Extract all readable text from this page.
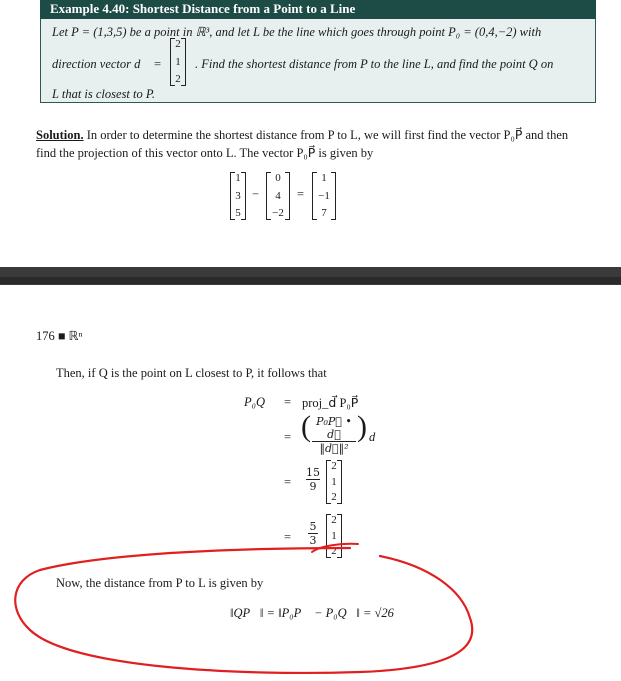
Example 4.40: Shortest Distance from a Point to a Line
Let P = (1,3,5) be a point in ℝ³, and let L be the line which goes through point P₀ = (0,4,−2) with
direction vector d⃗ =
2
1
2
. Find the shortest distance from P to the line L, and find the point Q on
L that is closest to P.
Solution. In order to determine the shortest distance from P to L, we will first find the vector P₀P⃗ and then
find the projection of this vector onto L. The vector P₀P⃗ is given by
1
3
5
−
0
4
−2
=
1
−1
7
176 ■ ℝⁿ
Then, if Q is the point on L closest to P, it follows that
P₀Q⃗ = proj_d⃗ P₀P⃗
= ( $\frac{\text{P₀P⃗ • d⃗}}{\text{‖d⃗‖²}}$ ) d⃗
= $\frac{15}{9} 2$
1
2
= $\frac{5}{3} 2$
1
2
Now, the distance from P to L is given by
‖QP⃗‖ = ‖P₀P⃗ − P₀Q⃗‖ = √26
